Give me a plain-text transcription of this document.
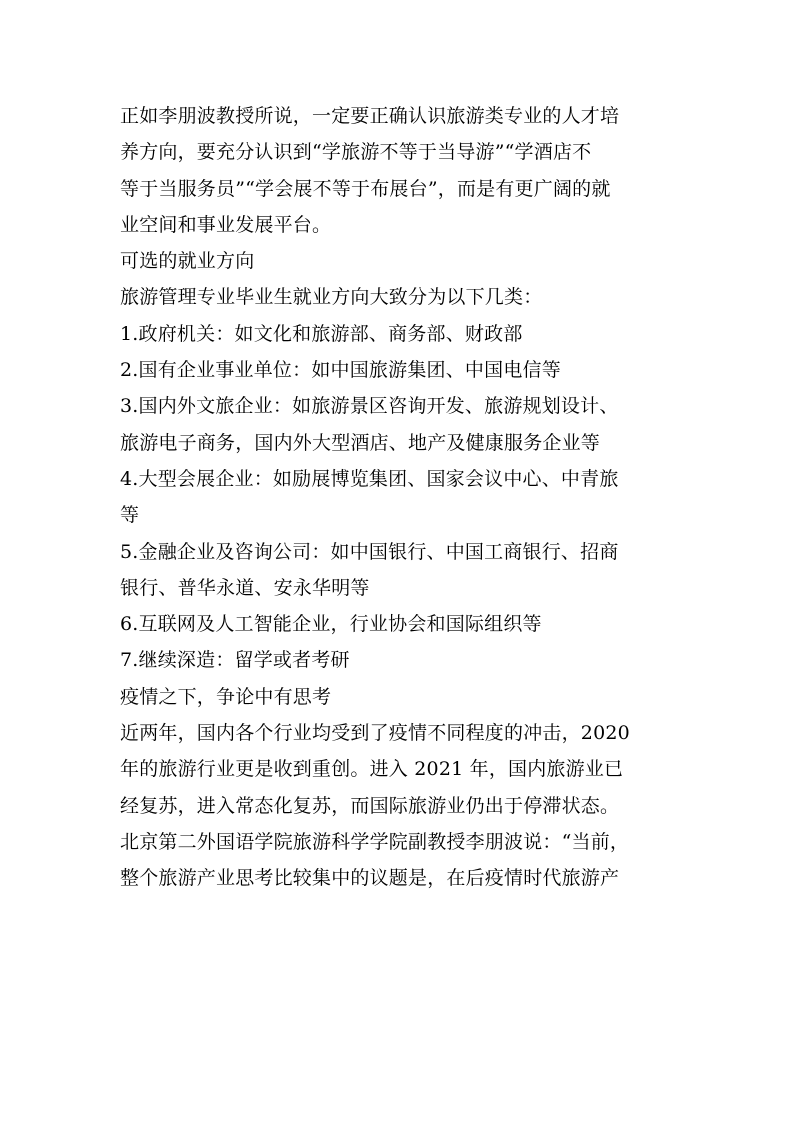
正如李朋波教授所说，一定要正确认识旅游类专业的人才培
养方向，要充分认识到“学旅游不等于当导游”“学酒店不
等于当服务员”“学会展不等于布展台”，而是有更广阔的就
业空间和事业发展平台。
可选的就业方向
旅游管理专业毕业生就业方向大致分为以下几类：
1.政府机关：如文化和旅游部、商务部、财政部
2.国有企业事业单位：如中国旅游集团、中国电信等
3.国内外文旅企业：如旅游景区咨询开发、旅游规划设计、
旅游电子商务，国内外大型酒店、地产及健康服务企业等
4.大型会展企业：如励展博览集团、国家会议中心、中青旅
等
5.金融企业及咨询公司：如中国银行、中国工商银行、招商
银行、普华永道、安永华明等
6.互联网及人工智能企业，行业协会和国际组织等
7.继续深造：留学或者考研
疫情之下，争论中有思考
近两年，国内各个行业均受到了疫情不同程度的冲击，2020
年的旅游行业更是收到重创。进入 2021 年，国内旅游业已
经复苏，进入常态化复苏，而国际旅游业仍出于停滞状态。
北京第二外国语学院旅游科学学院副教授李朋波说：“当前，
整个旅游产业思考比较集中的议题是，在后疫情时代旅游产
